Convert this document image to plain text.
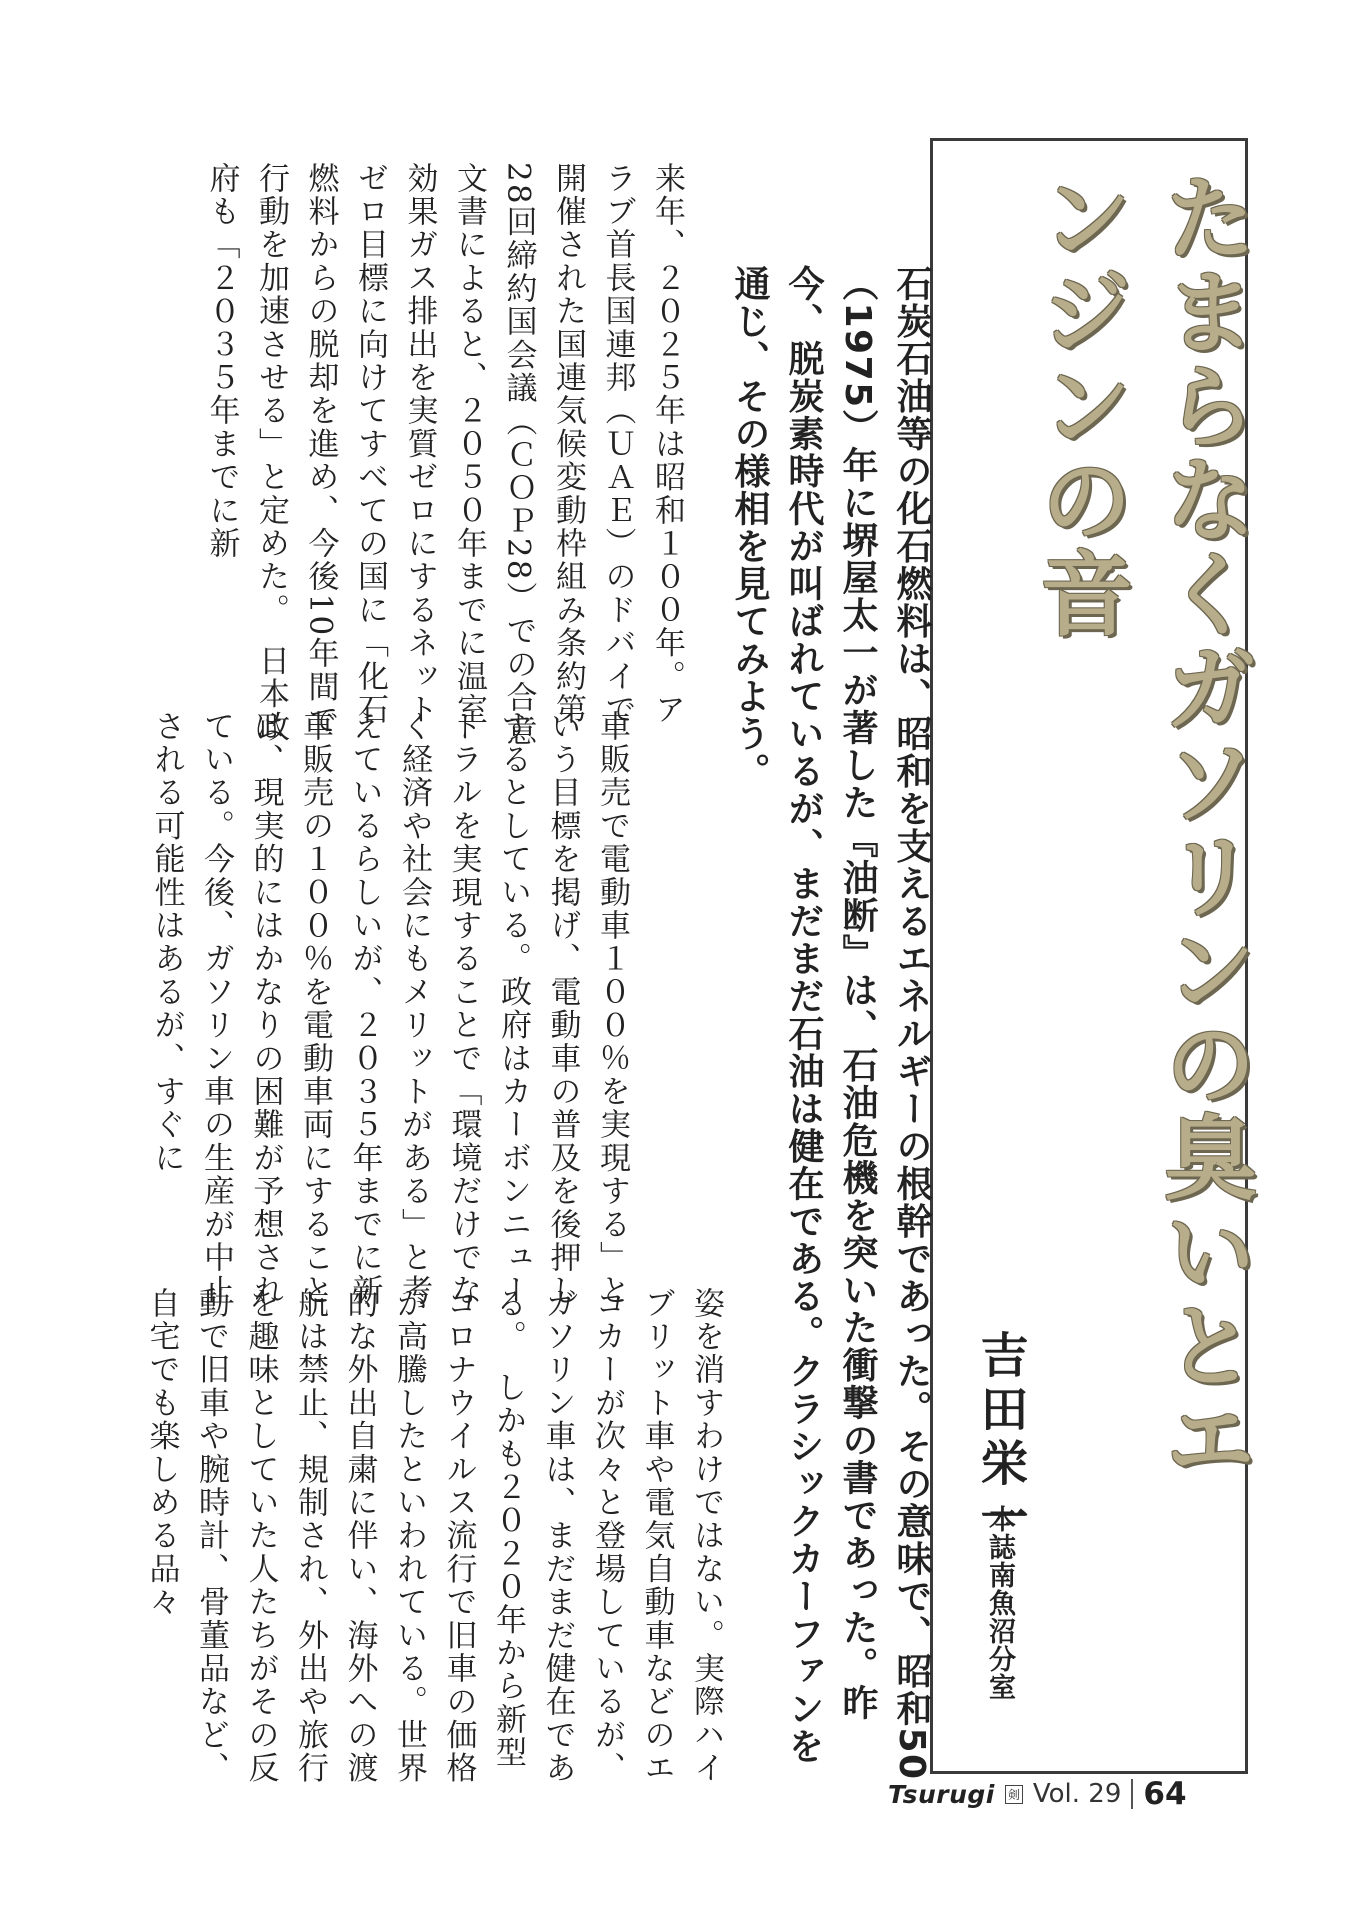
たまらなくガソリンの臭いとエンジンの音
吉田栄一
本誌南魚沼分室

石炭石油等の化石燃料は、昭和を支えるエネルギーの根幹であった。その意味で、昭和50（1975）年に堺屋太一が著した『油断』は、石油危機を突いた衝撃の書であった。昨今、脱炭素時代が叫ばれているが、まだまだ石油は健在である。クラシックカーファンを通じ、その様相を見てみよう。

来年、２０２５年は昭和１００年。アラブ首長国連邦（ＵＡＥ）のドバイで開催された国連気候変動枠組み条約第28回締約国会議（ＣＯＰ28）での合意文書によると、２０５０年までに温室効果ガス排出を実質ゼロにするネットゼロ目標に向けてすべての国に「化石燃料からの脱却を進め、今後10年間で行動を加速させる」と定めた。　日本政府も「２０３５年までに新

車販売で電動車１００％を実現する」という目標を掲げ、電動車の普及を後押しするとしている。政府はカーボンニュートラルを実現することで「環境だけでなく経済や社会にもメリットがある」と考えているらしいが、２０３５年までに新車販売の１００％を電動車両にすることは、現実的にはかなりの困難が予想されている。今後、ガソリン車の生産が中止される可能性はあるが、すぐに

姿を消すわけではない。実際ハイブリット車や電気自動車などのエコカーが次々と登場しているが、ガソリン車は、まだまだ健在である。　しかも２０２０年から新型コロナウイルス流行で旧車の価格が高騰したといわれている。世界的な外出自粛に伴い、海外への渡航は禁止、規制され、外出や旅行を趣味としていた人たちがその反動で旧車や腕時計、骨董品など、自宅でも楽しめる品々

Tsurugi 剣 Vol. 29 64
